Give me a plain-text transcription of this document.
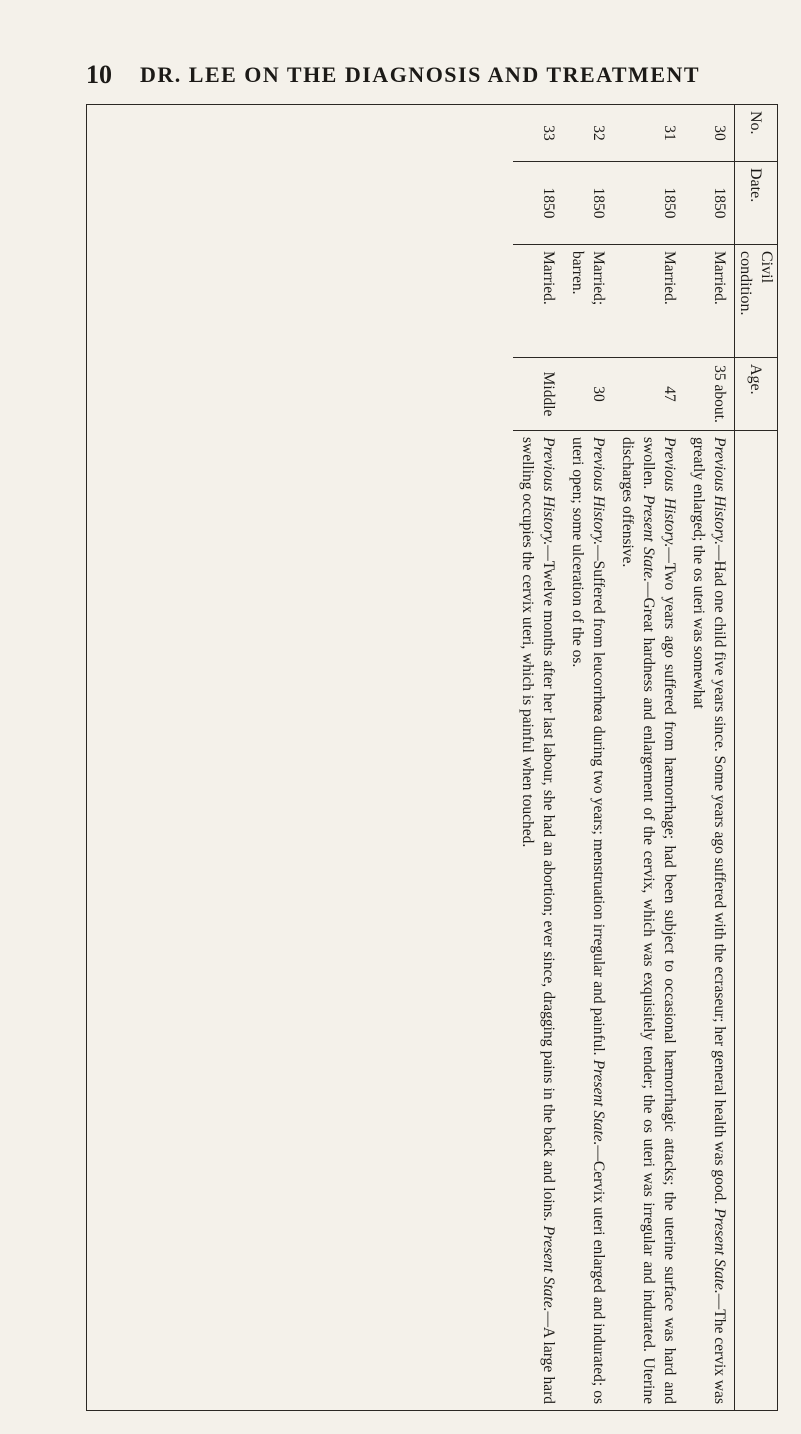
10 DR. LEE ON THE DIAGNOSIS AND TREATMENT
No.	Date.	Civil condition.	Age.	
30	1850	Married.	35 about.	Previous History.—Had one child five years since. Some years ago suffered with the ecraseur; her general health was good. Present State.—The cervix was greatly enlarged; the os uteri was somewhat
31	1850	Married.	47	Previous History.—Two years ago suffered from hæmorrhage; had been subject to occasional hæmorrhagic attacks; the uterine surface was hard and swollen. Present State.—Great hardness and enlargement of the cervix, which was exquisitely tender; the os uteri was irregular and indurated. Uterine discharges offensive.
32	1850	Married; barren.	30	Previous History.—Suffered from leucorrhœa during two years; menstruation irregular and painful. Present State.—Cervix uteri enlarged and indurated; os uteri open; some ulceration of the os.
33	1850	Married.	Middle	Previous History.—Twelve months after her last labour, she had an abortion; ever since, dragging pains in the back and loins. Present State.—A large hard swelling occupies the cervix uteri, which is painful when touched.
